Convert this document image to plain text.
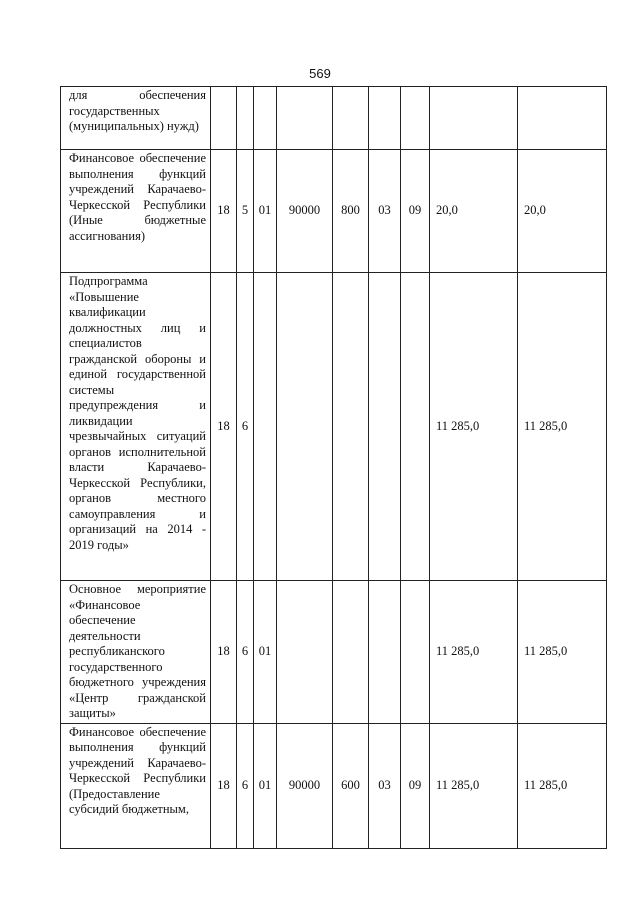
569
для обеспечения государственных (муниципальных) нужд)									
Финансовое обеспечение выполнения функций учреждений Карачаево-Черкесской Республики (Иные бюджетные ассигнования)	18	5	01	90000	800	03	09	20,0	20,0
Подпрограмма «Повышение квалификации должностных лиц и специалистов гражданской обороны и единой государственной системы предупреждения и ликвидации чрезвычайных ситуаций органов исполнительной власти Карачаево-Черкесской Республики, органов местного самоуправления и организаций на 2014 - 2019 годы»	18	6						11 285,0	11 285,0
Основное мероприятие «Финансовое обеспечение деятельности республиканского государственного бюджетного учреждения «Центр гражданской защиты»	18	6	01					11 285,0	11 285,0
Финансовое обеспечение выполнения функций учреждений Карачаево-Черкесской Республики (Предоставление субсидий бюджетным,	18	6	01	90000	600	03	09	11 285,0	11 285,0
